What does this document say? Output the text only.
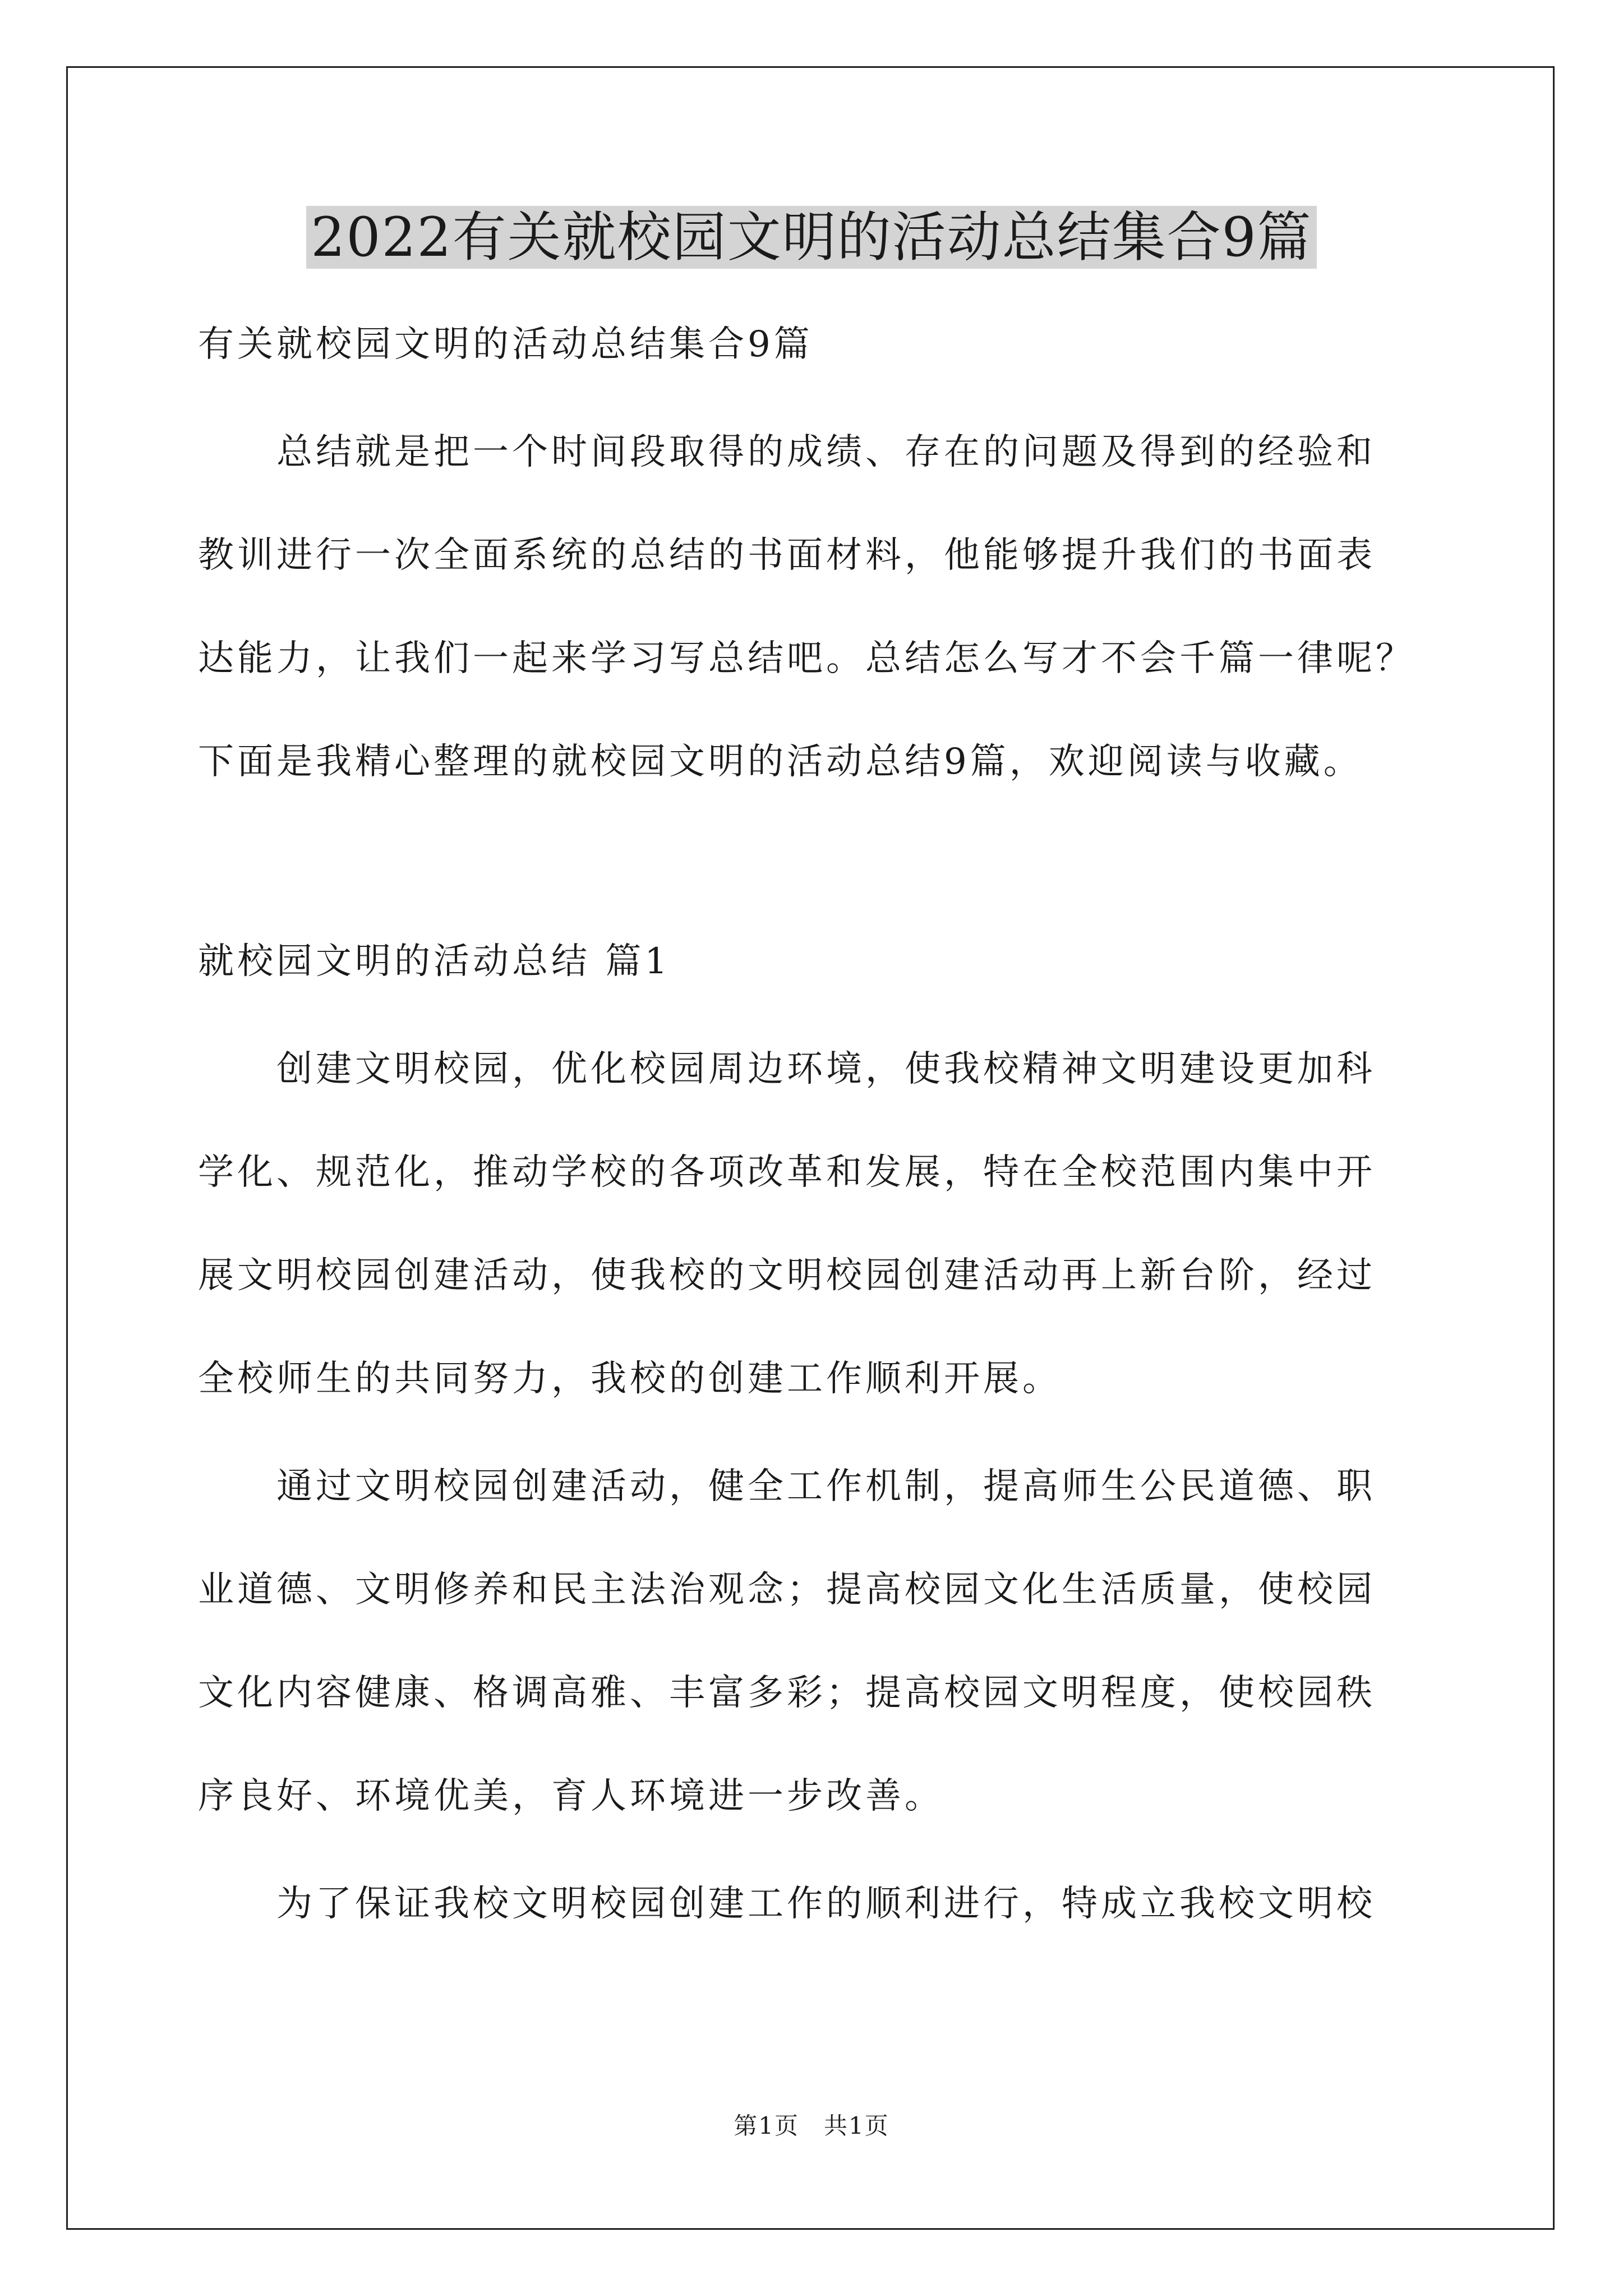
2022有关就校园文明的活动总结集合9篇
有关就校园文明的活动总结集合9篇
总结就是把一个时间段取得的成绩、存在的问题及得到的经验和
教训进行一次全面系统的总结的书面材料，他能够提升我们的书面表
达能力，让我们一起来学习写总结吧。总结怎么写才不会千篇一律呢？
下面是我精心整理的就校园文明的活动总结9篇，欢迎阅读与收藏。
就校园文明的活动总结 篇1
创建文明校园，优化校园周边环境，使我校精神文明建设更加科
学化、规范化，推动学校的各项改革和发展，特在全校范围内集中开
展文明校园创建活动，使我校的文明校园创建活动再上新台阶，经过
全校师生的共同努力，我校的创建工作顺利开展。
通过文明校园创建活动，健全工作机制，提高师生公民道德、职
业道德、文明修养和民主法治观念；提高校园文化生活质量，使校园
文化内容健康、格调高雅、丰富多彩；提高校园文明程度，使校园秩
序良好、环境优美，育人环境进一步改善。
为了保证我校文明校园创建工作的顺利进行，特成立我校文明校
第1页　共1页
